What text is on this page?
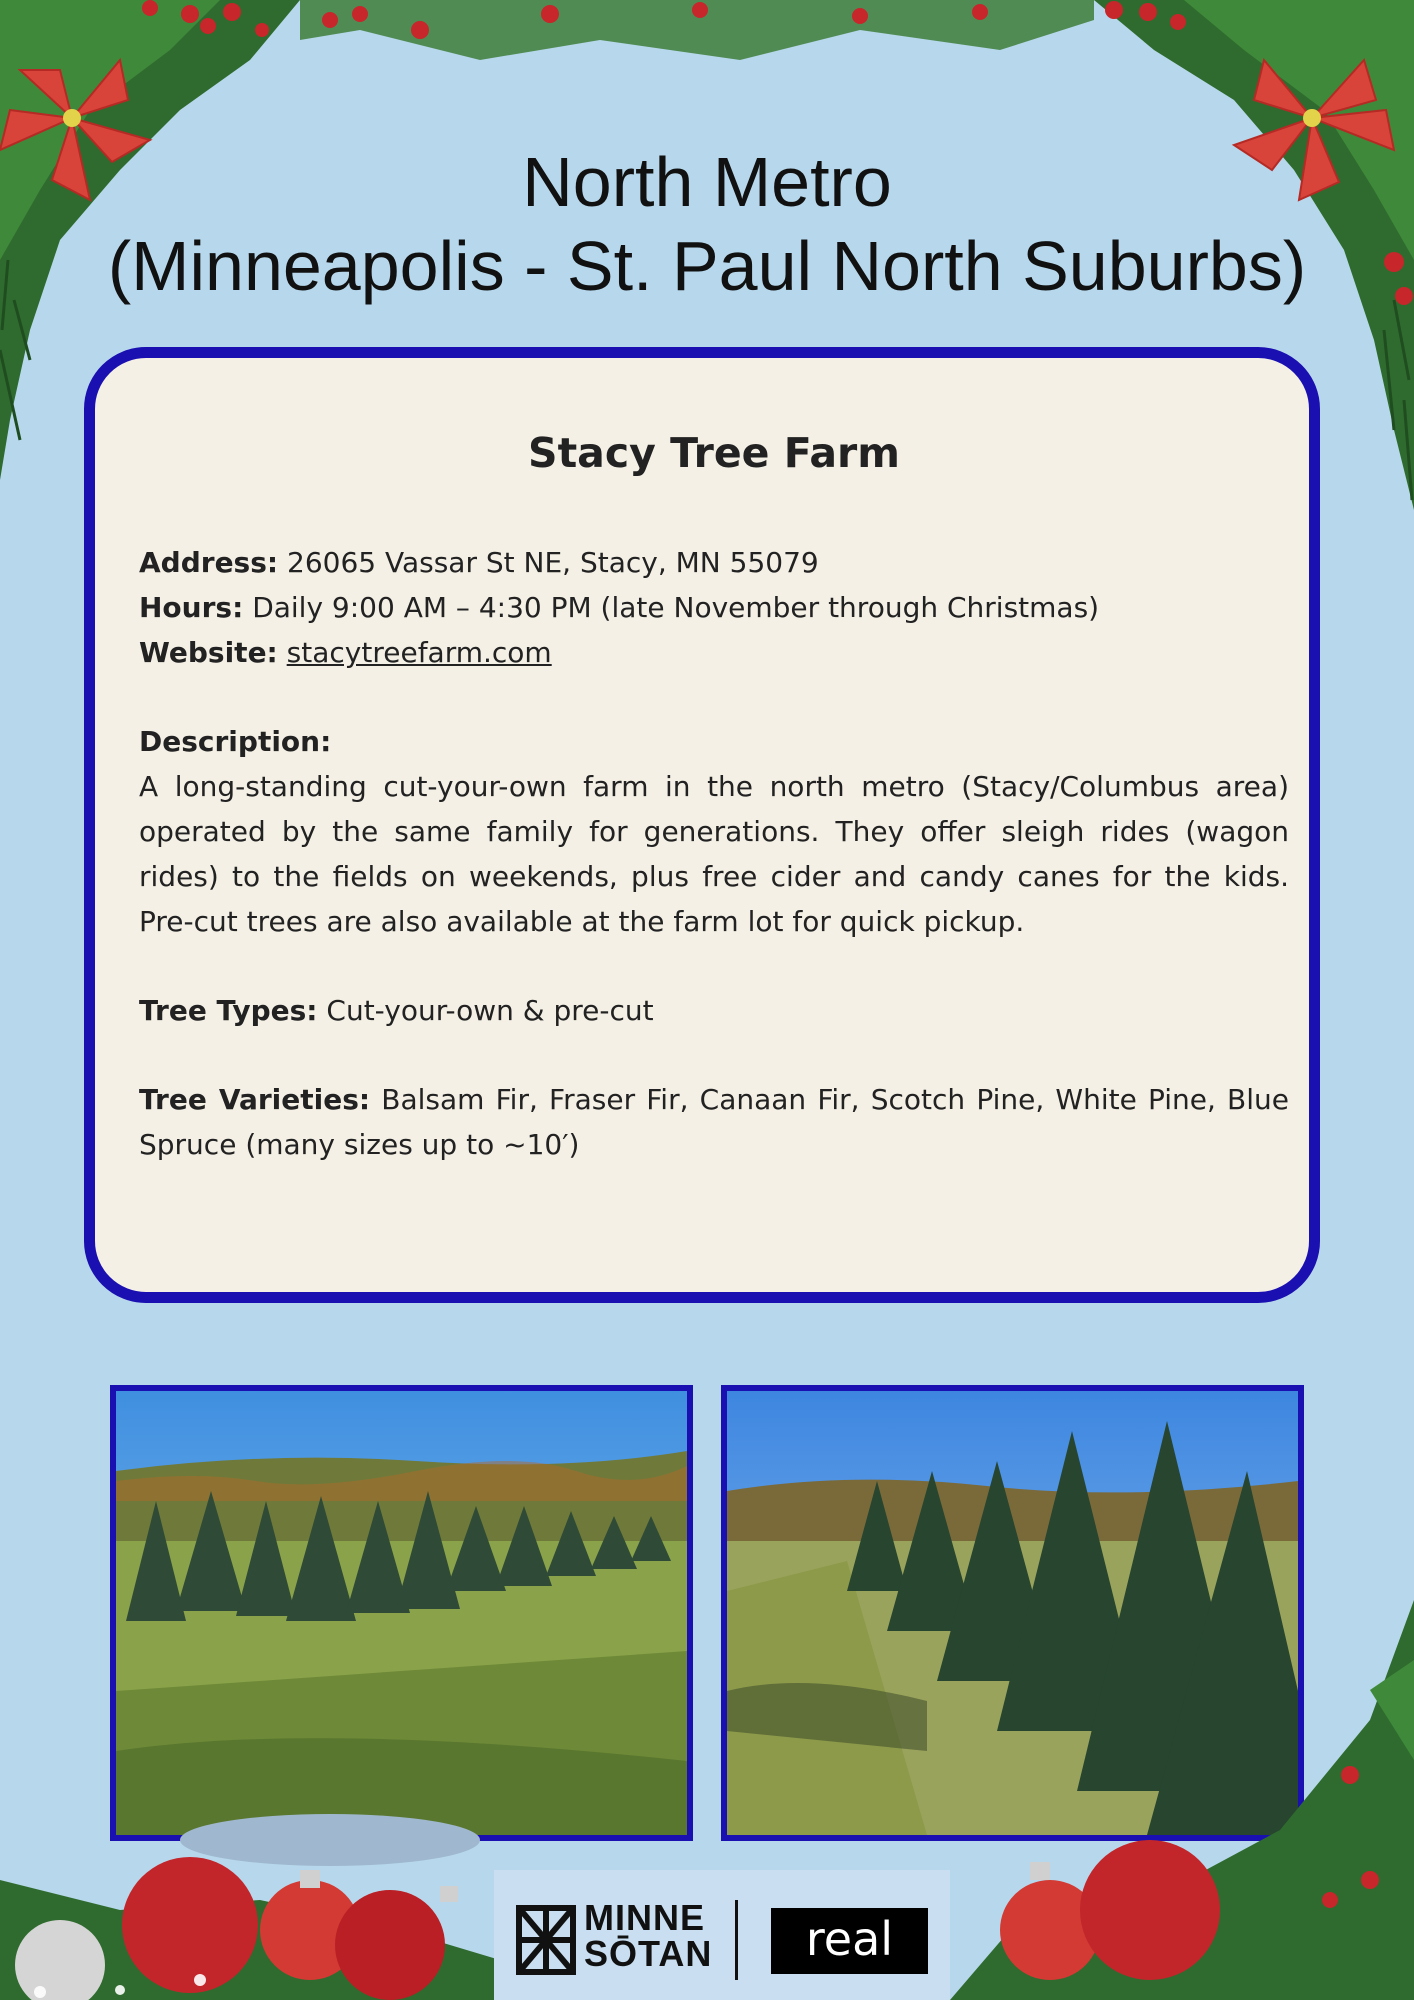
North Metro
(Minneapolis - St. Paul North Suburbs)
Stacy Tree Farm
Address: 26065 Vassar St NE, Stacy, MN 55079
Hours: Daily 9:00 AM – 4:30 PM (late November through Christmas)
Website: stacytreefarm.com
Description:
A long-standing cut-your-own farm in the north metro (Stacy/Columbus area) operated by the same family for generations. They offer sleigh rides (wagon rides) to the fields on weekends, plus free cider and candy canes for the kids. Pre-cut trees are also available at the farm lot for quick pickup.
Tree Types: Cut-your-own & pre-cut
Tree Varieties: Balsam Fir, Fraser Fir, Canaan Fir, Scotch Pine, White Pine, Blue Spruce (many sizes up to ~10′)
MINNE
SŌTAN	real
